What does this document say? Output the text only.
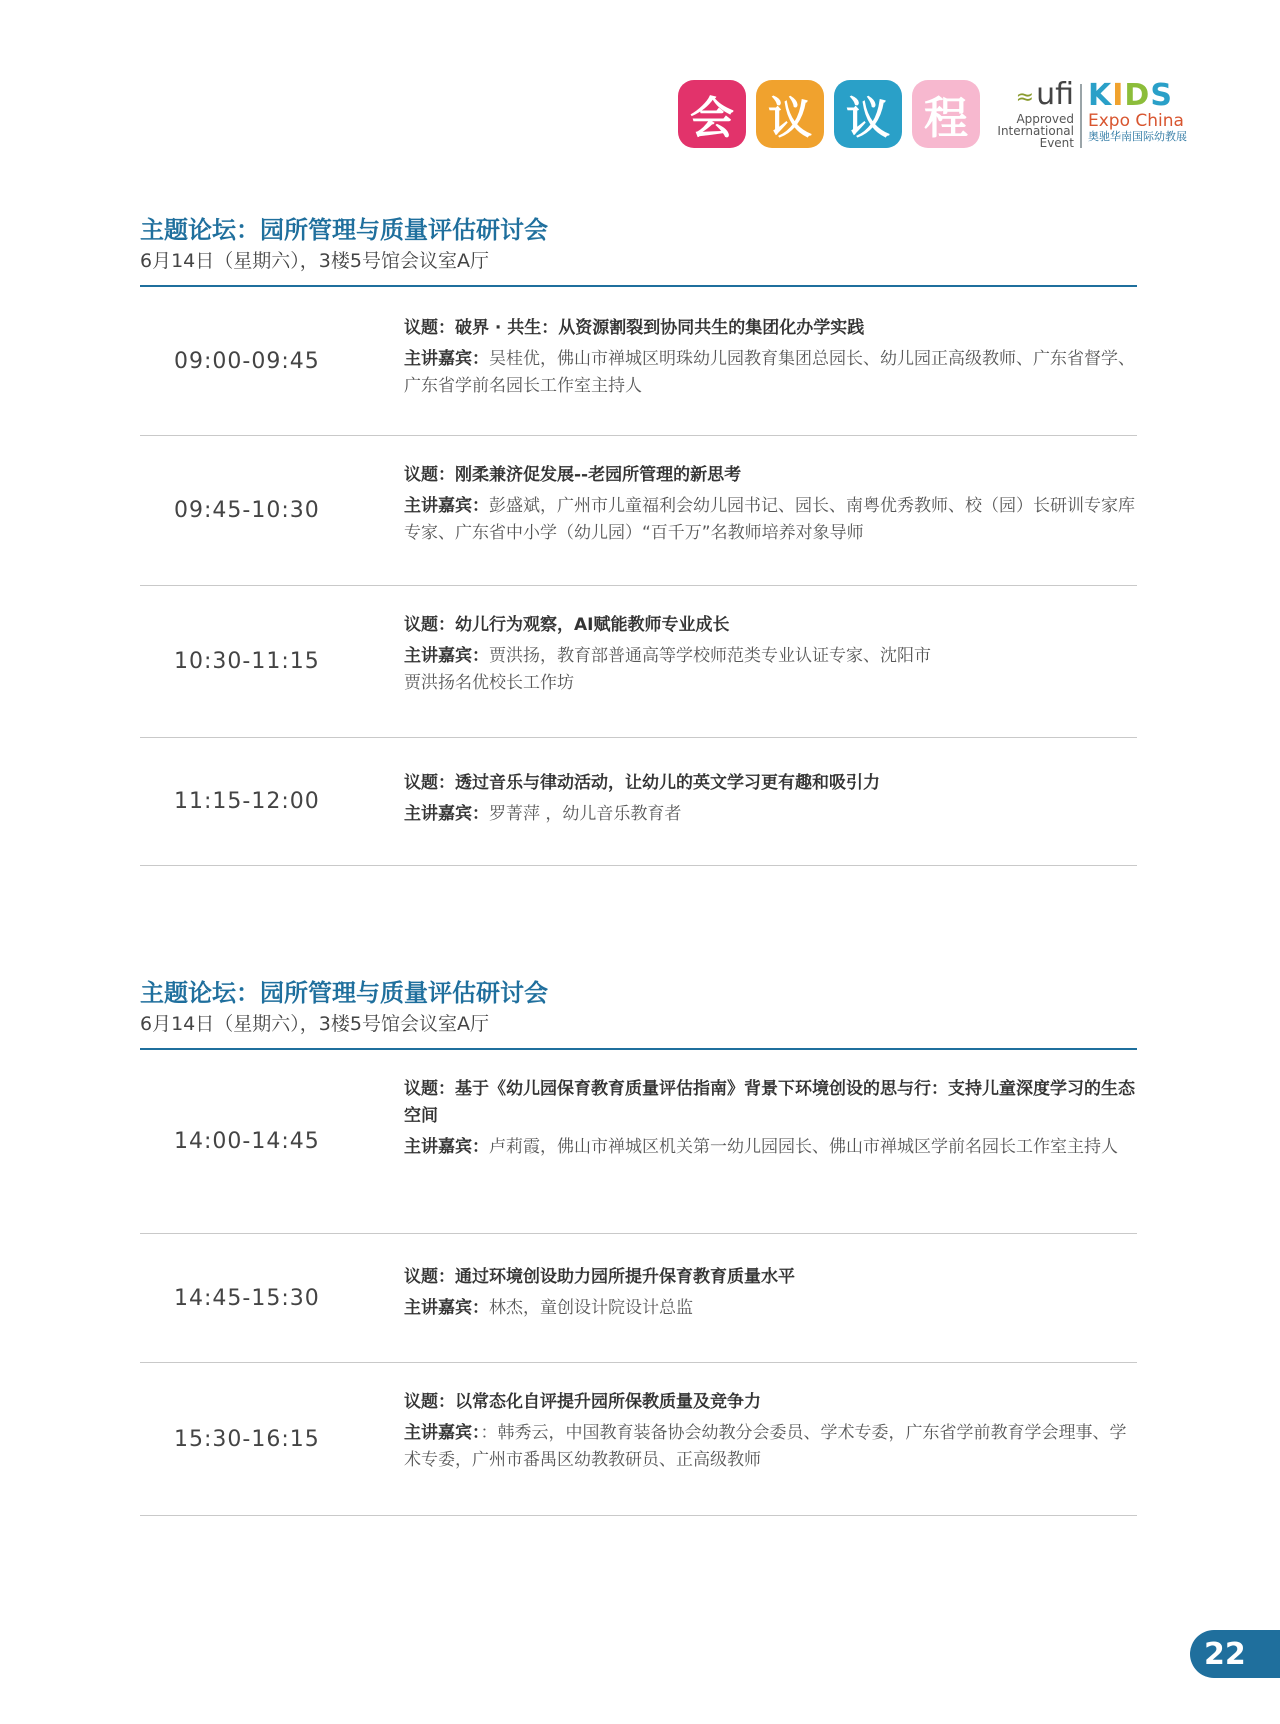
会 议 议 程	≈ufi
Approved
International
Event
KIDS
Expo China
奥驰华南国际幼教展
主题论坛：园所管理与质量评估研讨会
6月14日（星期六），3楼5号馆会议室A厅
09:00-09:45
议题：破界 · 共生：从资源割裂到协同共生的集团化办学实践
主讲嘉宾：吴桂优，佛山市禅城区明珠幼儿园教育集团总园长、幼儿园正高级教师、广东省督学、广东省学前名园长工作室主持人
09:45-10:30
议题：刚柔兼济促发展--老园所管理的新思考
主讲嘉宾：彭盛斌，广州市儿童福利会幼儿园书记、园长、南粤优秀教师、校（园）长研训专家库专家、广东省中小学（幼儿园）“百千万”名教师培养对象导师
10:30-11:15
议题：幼儿行为观察，AI赋能教师专业成长
主讲嘉宾：贾洪扬，教育部普通高等学校师范类专业认证专家、沈阳市贾洪扬名优校长工作坊
11:15-12:00
议题：透过音乐与律动活动，让幼儿的英文学习更有趣和吸引力
主讲嘉宾：罗菁萍 ，幼儿音乐教育者
主题论坛：园所管理与质量评估研讨会
6月14日（星期六），3楼5号馆会议室A厅
14:00-14:45
议题：基于《幼儿园保育教育质量评估指南》背景下环境创设的思与行：支持儿童深度学习的生态空间
主讲嘉宾：卢莉霞，佛山市禅城区机关第一幼儿园园长、佛山市禅城区学前名园长工作室主持人
14:45-15:30
议题：通过环境创设助力园所提升保育教育质量水平
主讲嘉宾：林杰，童创设计院设计总监
15:30-16:15
议题：以常态化自评提升园所保教质量及竞争力
主讲嘉宾：：韩秀云，中国教育装备协会幼教分会委员、学术专委，广东省学前教育学会理事、学术专委，广州市番禺区幼教教研员、正高级教师
22
